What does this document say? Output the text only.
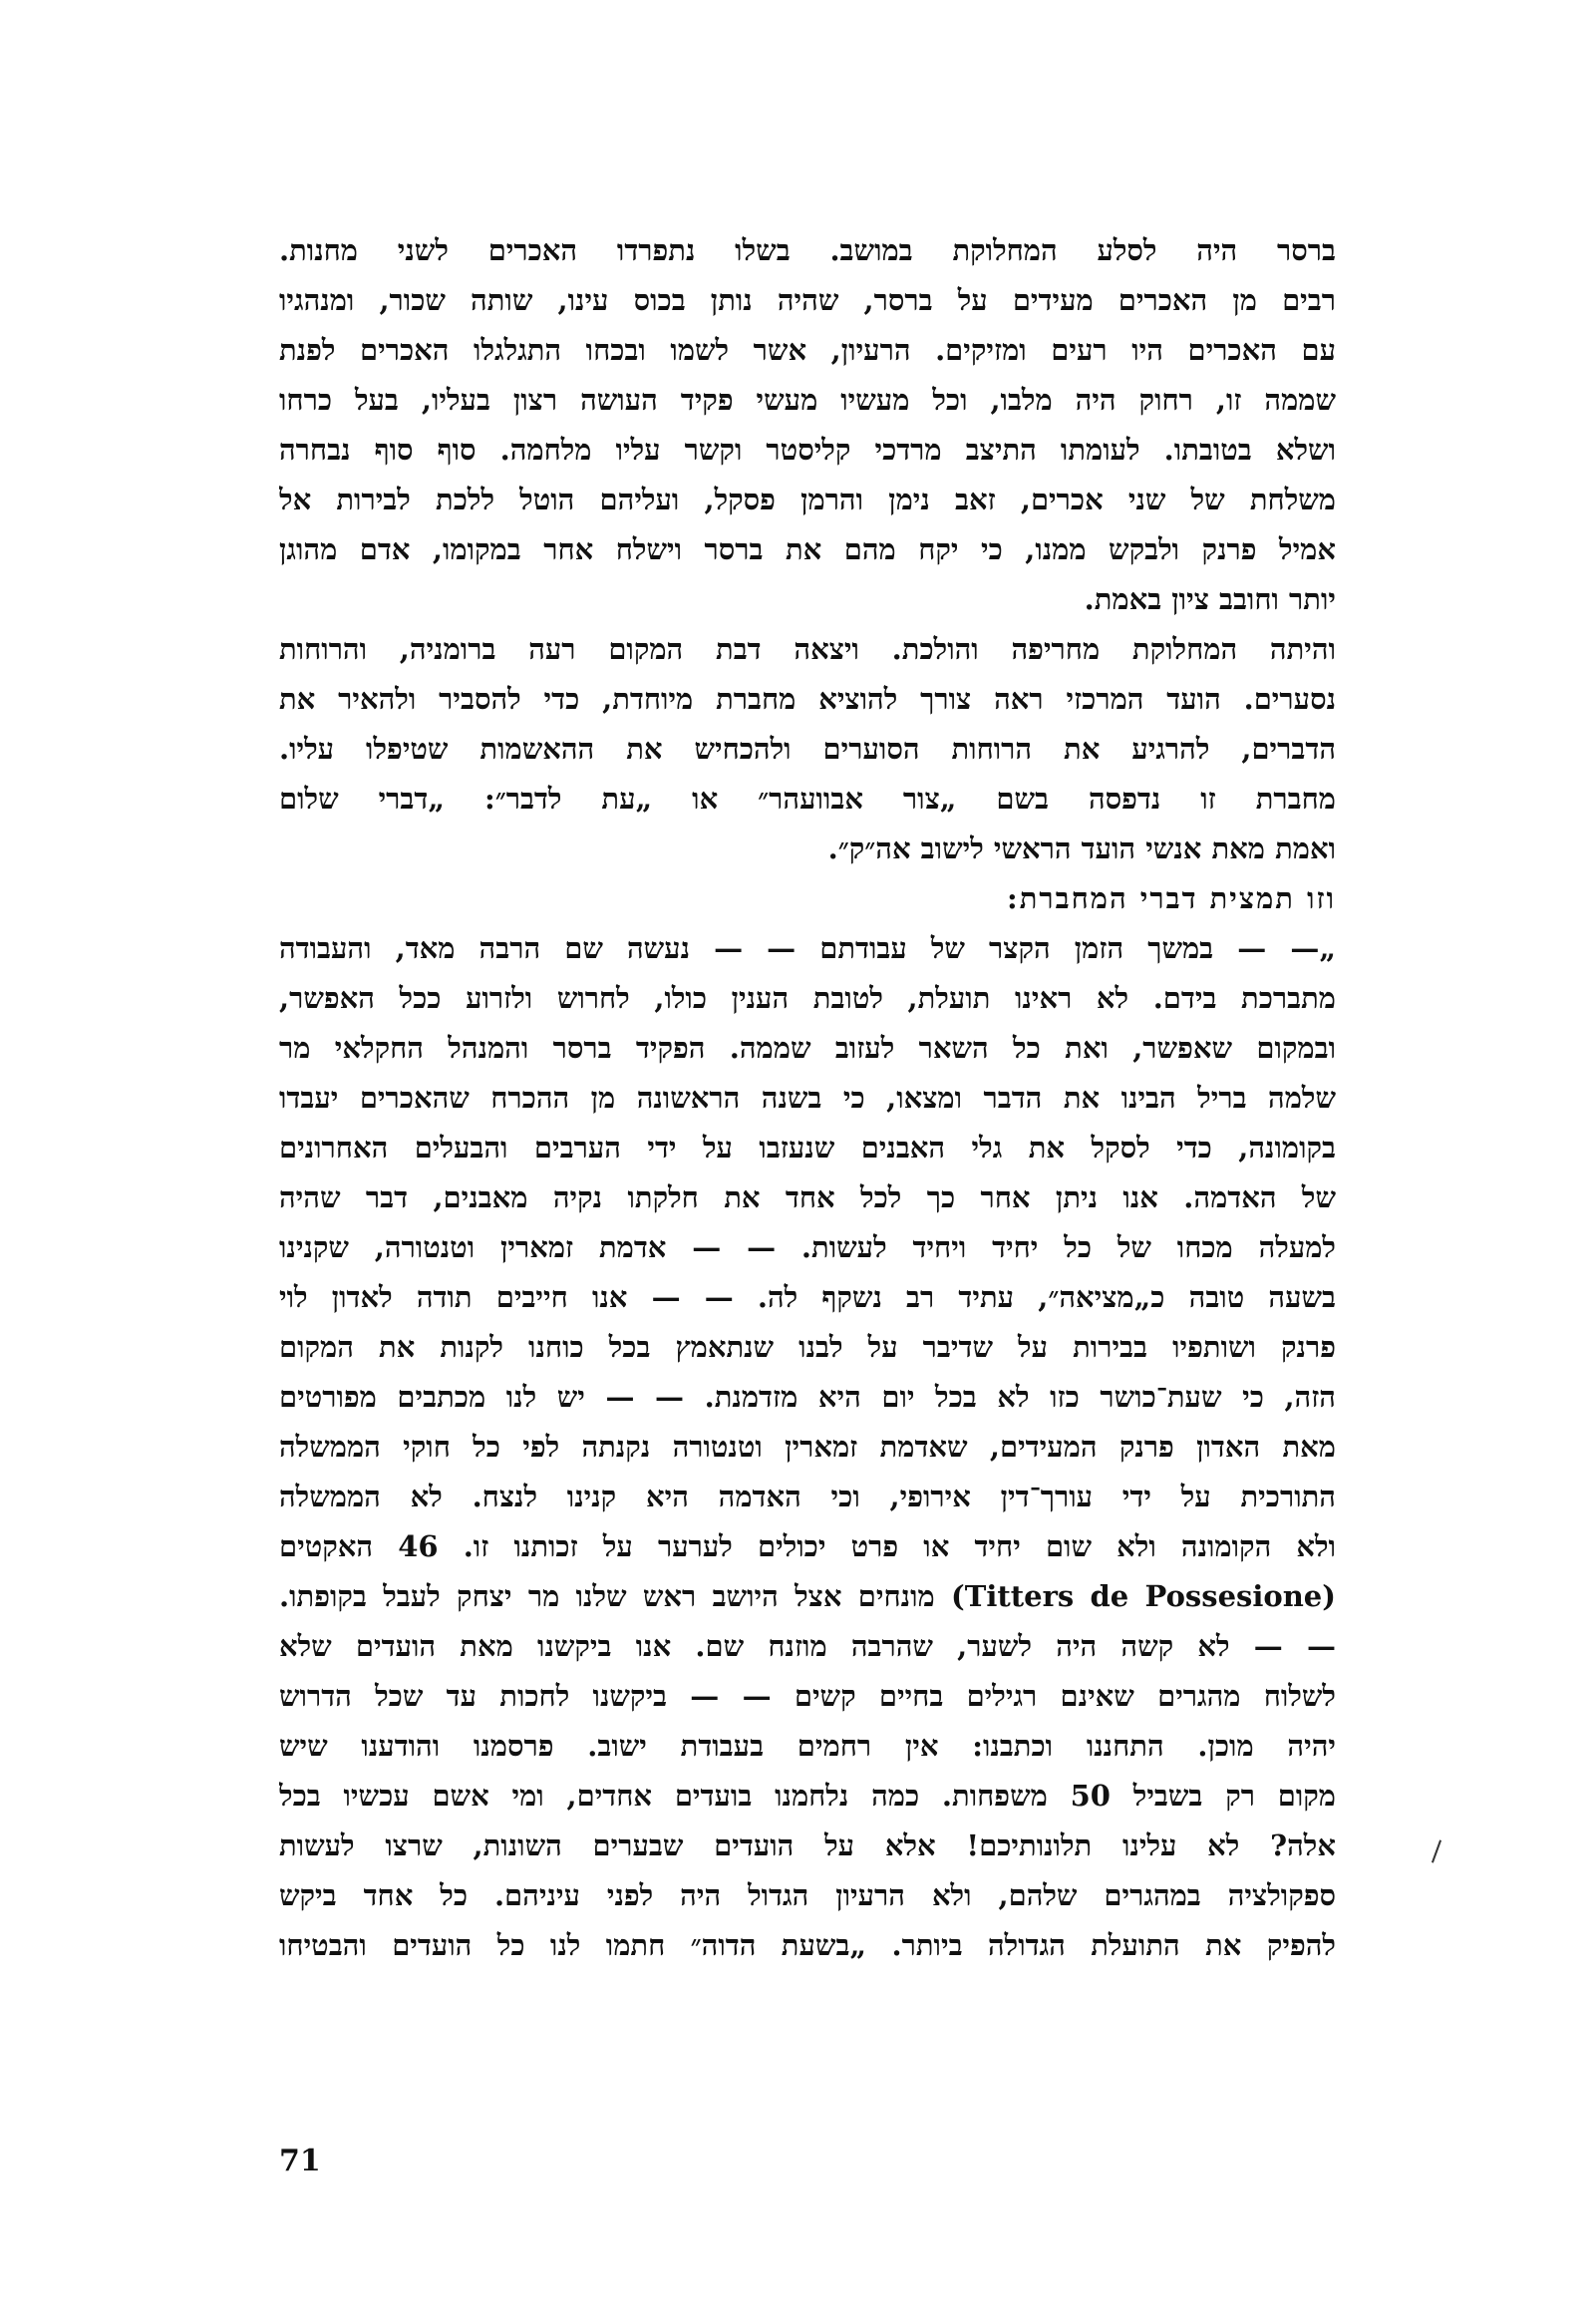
ברסר היה לסלע המחלוקת במושב. בשלו נתפרדו האכרים לשני מחנות.
רבים מן האכרים מעידים על ברסר, שהיה נותן בכוס עינו, שותה שכור, ומנהגיו
עם האכרים היו רעים ומזיקים. הרעיון, אשר לשמו ובכחו התגלגלו האכרים לפנת
שממה זו, רחוק היה מלבו, וכל מעשיו מעשי פקיד העושה רצון בעליו, בעל כרחו
ושלא בטובתו. לעומתו התיצב מרדכי קליסטר וקשר עליו מלחמה. סוף סוף נבחרה
משלחת של שני אכרים, זאב נימן והרמן פסקל, ועליהם הוטל ללכת לבירות אל
אמיל פרנק ולבקש ממנו, כי יקח מהם את ברסר וישלח אחר במקומו, אדם מהוגן
יותר וחובב ציון באמת.
והיתה המחלוקת מחריפה והולכת. ויצאה דבת המקום רעה ברומניה, והרוחות
נסערים. הועד המרכזי ראה צורך להוציא מחברת מיוחדת, כדי להסביר ולהאיר את
הדברים, להרגיע את הרוחות הסוערים ולהכחיש את ההאשמות שטיפלו עליו.
מחברת זו נדפסה בשם „צור אבוועהר״ או „עת לדבר״: „דברי שלום
ואמת מאת אנשי הועד הראשי לישוב אה״ק״.
וזו תמצית דברי המחברת:
„— — במשך הזמן הקצר של עבודתם — — נעשה שם הרבה מאד, והעבודה
מתברכת בידם. לא ראינו תועלת, לטובת הענין כולו, לחרוש ולזרוע ככל האפשר,
ובמקום שאפשר, ואת כל השאר לעזוב שממה. הפקיד ברסר והמנהל החקלאי מר
שלמה בריל הבינו את הדבר ומצאו, כי בשנה הראשונה מן ההכרח שהאכרים יעבדו
בקומונה, כדי לסקל את גלי האבנים שנעזבו על ידי הערבים והבעלים האחרונים
של האדמה. אנו ניתן אחר כך לכל אחד את חלקתו נקיה מאבנים, דבר שהיה
למעלה מכחו של כל יחיד ויחיד לעשות. — — אדמת זמארין וטנטורה, שקנינו
בשעה טובה כ„מציאה״, עתיד רב נשקף לה. — — אנו חייבים תודה לאדון לוי
פרנק ושותפיו בבירות על שדיבר על לבנו שנתאמץ בכל כוחנו לקנות את המקום
הזה, כי שעת־כושר כזו לא בכל יום היא מזדמנת. — — יש לנו מכתבים מפורטים
מאת האדון פרנק המעידים, שאדמת זמארין וטנטורה נקנתה לפי כל חוקי הממשלה
התורכית על ידי עורך־דין אירופי, וכי האדמה היא קנינו לנצח. לא הממשלה
ולא הקומונה ולא שום יחיד או פרט יכולים לערער על זכותנו זו. 46 האקטים
(Titters de Possesione) מונחים אצל היושב ראש שלנו מר יצחק לעבל בקופתו.
— — לא קשה היה לשער, שהרבה מוזנח שם. אנו ביקשנו מאת הועדים שלא
לשלוח מהגרים שאינם רגילים בחיים קשים — — ביקשנו לחכות עד שכל הדרוש
יהיה מוכן. התחננו וכתבנו: אין רחמים בעבודת ישוב. פרסמנו והודענו שיש
מקום רק בשביל 50 משפחות. כמה נלחמנו בועדים אחדים, ומי אשם עכשיו בכל
אלה? לא עלינו תלונותיכם! אלא על הועדים שבערים השונות, שרצו לעשות
ספקולציה במהגרים שלהם, ולא הרעיון הגדול היה לפני עיניהם. כל אחד ביקש
להפיק את התועלת הגדולה ביותר. „בשעת הדוה״ חתמו לנו כל הועדים והבטיחו
71
